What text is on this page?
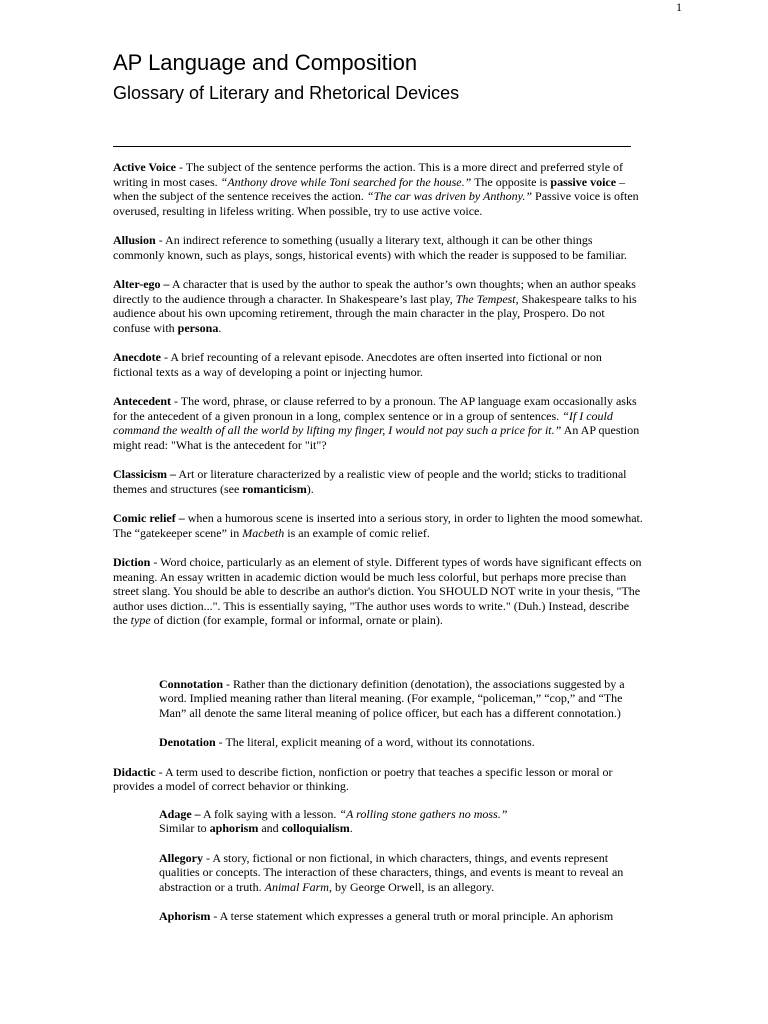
1
AP Language and Composition
Glossary of Literary and Rhetorical Devices

Active Voice - The subject of the sentence performs the action. This is a more direct and preferred style of writing in most cases. “Anthony drove while Toni searched for the house.” The opposite is passive voice – when the subject of the sentence receives the action. “The car was driven by Anthony.” Passive voice is often overused, resulting in lifeless writing. When possible, try to use active voice.

Allusion - An indirect reference to something (usually a literary text, although it can be other things commonly known, such as plays, songs, historical events) with which the reader is supposed to be familiar.

Alter-ego – A character that is used by the author to speak the author’s own thoughts; when an author speaks directly to the audience through a character. In Shakespeare’s last play, The Tempest, Shakespeare talks to his audience about his own upcoming retirement, through the main character in the play, Prospero. Do not confuse with persona.

Anecdote - A brief recounting of a relevant episode. Anecdotes are often inserted into fictional or non fictional texts as a way of developing a point or injecting humor.

Antecedent - The word, phrase, or clause referred to by a pronoun. The AP language exam occasionally asks for the antecedent of a given pronoun in a long, complex sentence or in a group of sentences. “If I could command the wealth of all the world by lifting my finger, I would not pay such a price for it.” An AP question might read: "What is the antecedent for "it"?

Classicism – Art or literature characterized by a realistic view of people and the world; sticks to traditional themes and structures (see romanticism).

Comic relief – when a humorous scene is inserted into a serious story, in order to lighten the mood somewhat. The “gatekeeper scene” in Macbeth is an example of comic relief.

Diction - Word choice, particularly as an element of style. Different types of words have significant effects on meaning. An essay written in academic diction would be much less colorful, but perhaps more precise than street slang. You should be able to describe an author's diction. You SHOULD NOT write in your thesis, "The author uses diction...". This is essentially saying, "The author uses words to write." (Duh.) Instead, describe the type of diction (for example, formal or informal, ornate or plain).

Connotation - Rather than the dictionary definition (denotation), the associations suggested by a word. Implied meaning rather than literal meaning. (For example, “policeman,” “cop,” and “The Man” all denote the same literal meaning of police officer, but each has a different connotation.)

Denotation - The literal, explicit meaning of a word, without its connotations.

Didactic - A term used to describe fiction, nonfiction or poetry that teaches a specific lesson or moral or provides a model of correct behavior or thinking.

Adage – A folk saying with a lesson. “A rolling stone gathers no moss.”
Similar to aphorism and colloquialism.

Allegory - A story, fictional or non fictional, in which characters, things, and events represent qualities or concepts. The interaction of these characters, things, and events is meant to reveal an abstraction or a truth. Animal Farm, by George Orwell, is an allegory.

Aphorism - A terse statement which expresses a general truth or moral principle. An aphorism
